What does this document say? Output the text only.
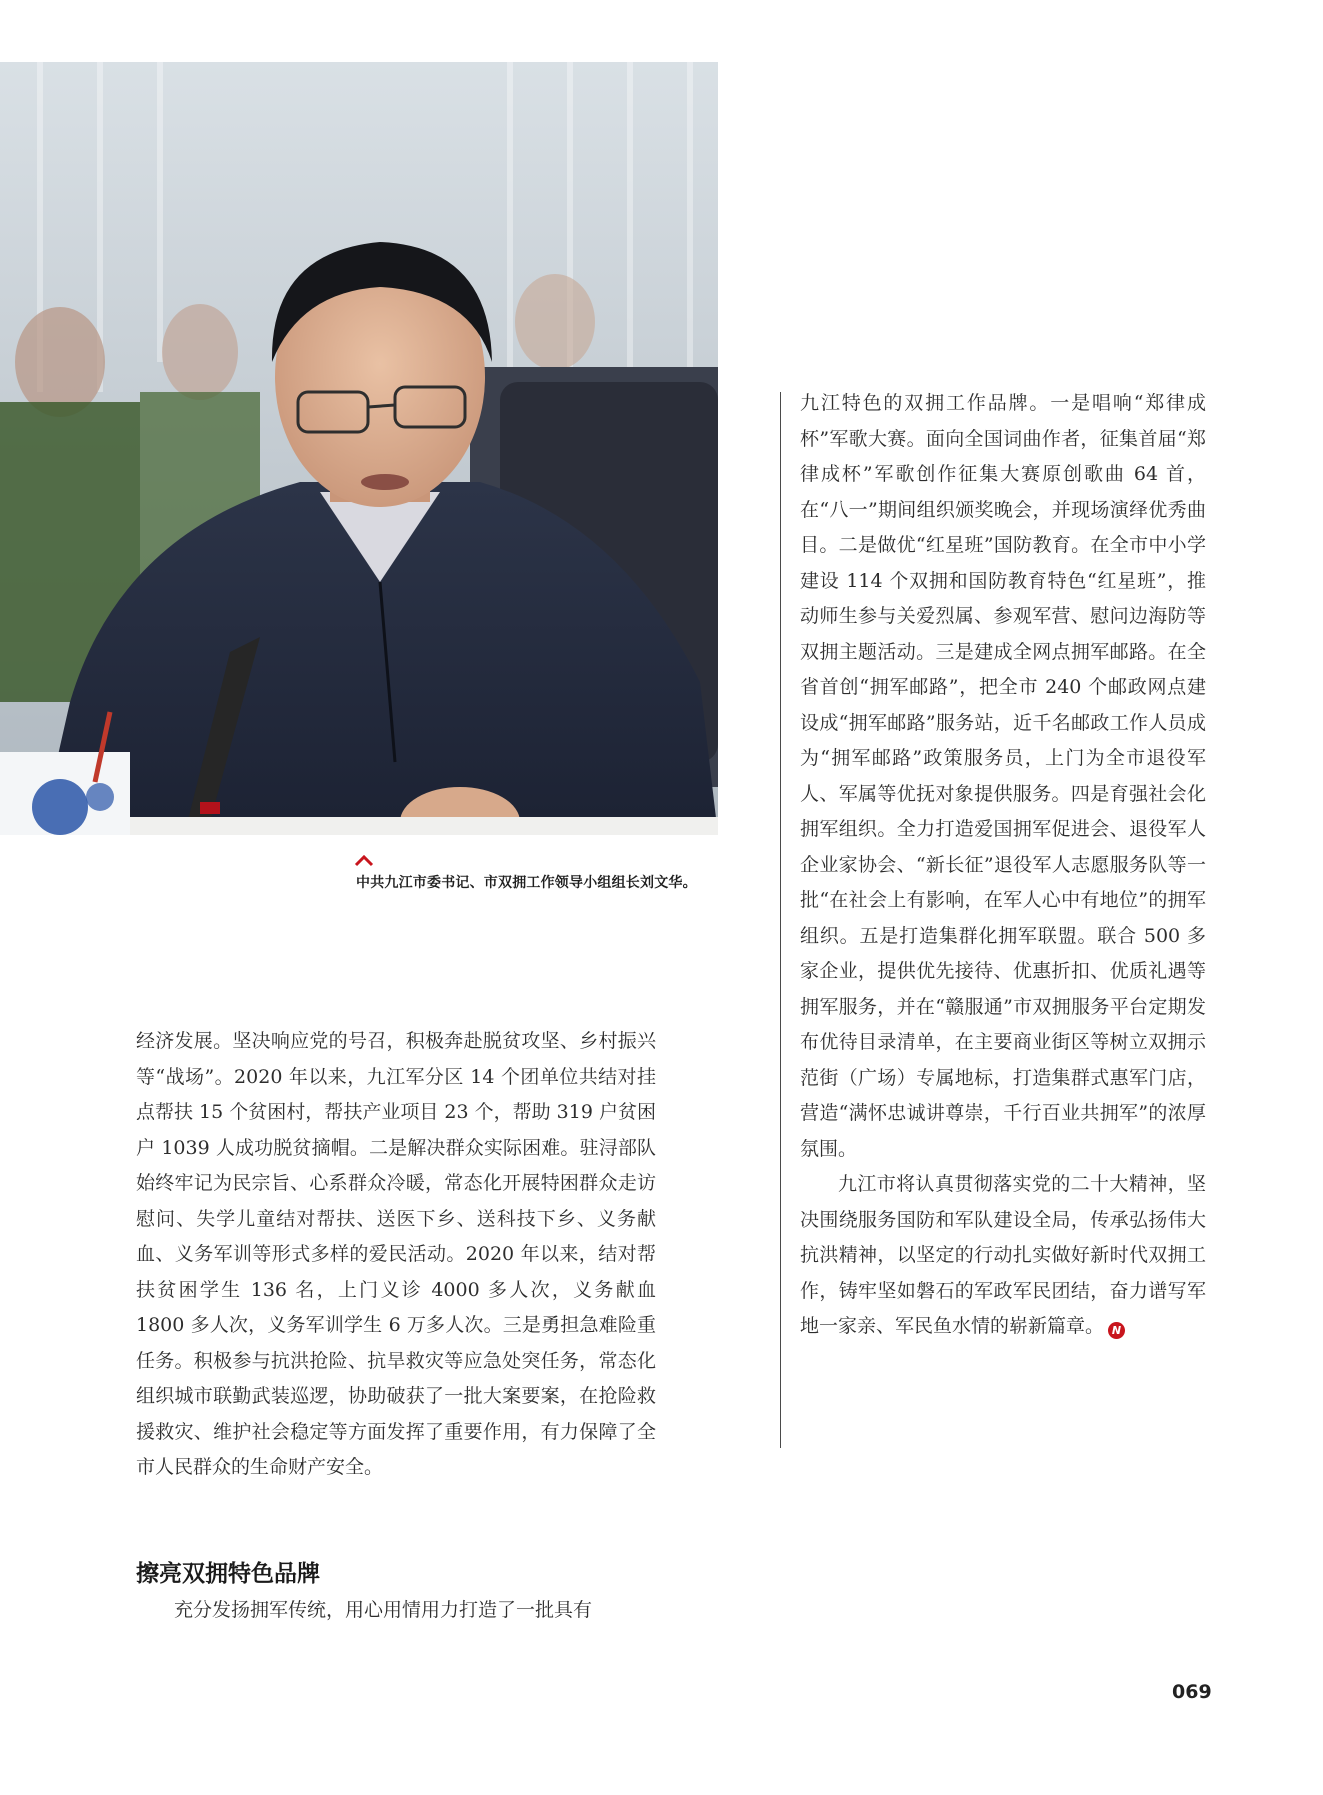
中共九江市委书记、市双拥工作领导小组组长刘文华。

经济发展。坚决响应党的号召，积极奔赴脱贫攻坚、乡村振兴等“战场”。2020 年以来，九江军分区 14 个团单位共结对挂点帮扶 15 个贫困村，帮扶产业项目 23 个，帮助 319 户贫困户 1039 人成功脱贫摘帽。二是解决群众实际困难。驻浔部队始终牢记为民宗旨、心系群众冷暖，常态化开展特困群众走访慰问、失学儿童结对帮扶、送医下乡、送科技下乡、义务献血、义务军训等形式多样的爱民活动。2020 年以来，结对帮扶贫困学生 136 名，上门义诊 4000 多人次，义务献血 1800 多人次，义务军训学生 6 万多人次。三是勇担急难险重任务。积极参与抗洪抢险、抗旱救灾等应急处突任务，常态化组织城市联勤武装巡逻，协助破获了一批大案要案，在抢险救援救灾、维护社会稳定等方面发挥了重要作用，有力保障了全市人民群众的生命财产安全。

擦亮双拥特色品牌

充分发扬拥军传统，用心用情用力打造了一批具有

九江特色的双拥工作品牌。一是唱响“郑律成杯”军歌大赛。面向全国词曲作者，征集首届“郑律成杯”军歌创作征集大赛原创歌曲 64 首，在“八一”期间组织颁奖晚会，并现场演绎优秀曲目。二是做优“红星班”国防教育。在全市中小学建设 114 个双拥和国防教育特色“红星班”，推动师生参与关爱烈属、参观军营、慰问边海防等双拥主题活动。三是建成全网点拥军邮路。在全省首创“拥军邮路”，把全市 240 个邮政网点建设成“拥军邮路”服务站，近千名邮政工作人员成为“拥军邮路”政策服务员，上门为全市退役军人、军属等优抚对象提供服务。四是育强社会化拥军组织。全力打造爱国拥军促进会、退役军人企业家协会、“新长征”退役军人志愿服务队等一批“在社会上有影响，在军人心中有地位”的拥军组织。五是打造集群化拥军联盟。联合 500 多家企业，提供优先接待、优惠折扣、优质礼遇等拥军服务，并在“赣服通”市双拥服务平台定期发布优待目录清单，在主要商业街区等树立双拥示范街（广场）专属地标，打造集群式惠军门店，营造“满怀忠诚讲尊崇，千行百业共拥军”的浓厚氛围。

九江市将认真贯彻落实党的二十大精神，坚决围绕服务国防和军队建设全局，传承弘扬伟大抗洪精神，以坚定的行动扎实做好新时代双拥工作，铸牢坚如磐石的军政军民团结，奋力谱写军地一家亲、军民鱼水情的崭新篇章。 N

069
